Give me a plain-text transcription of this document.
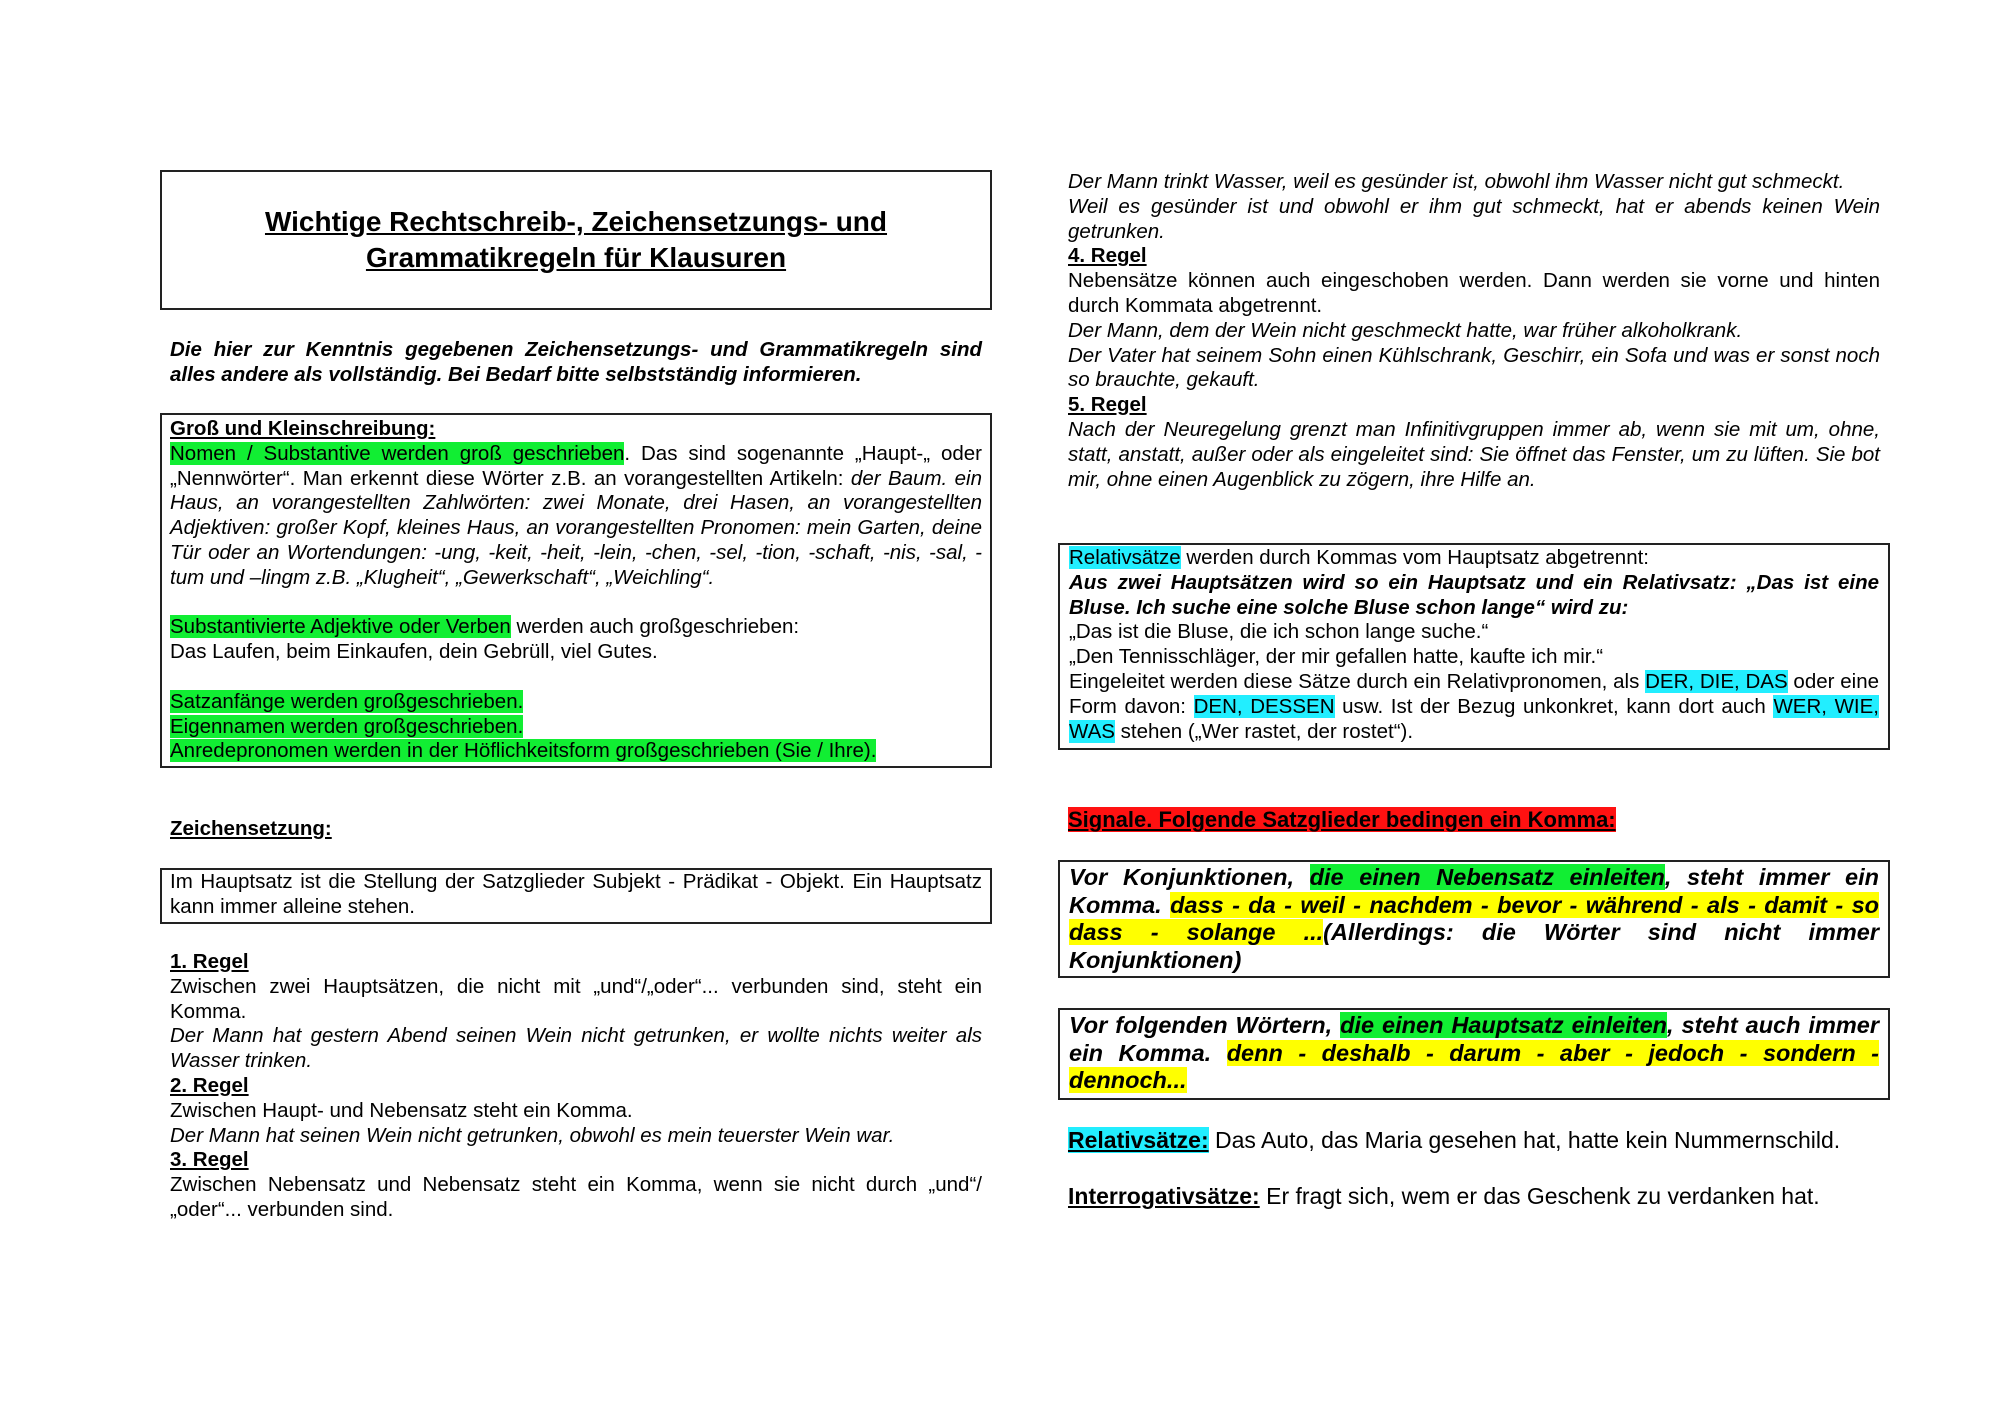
Wichtige Rechtschreib-, Zeichensetzungs- und

Grammatikregeln für Klausuren

Die hier zur Kenntnis gegebenen Zeichensetzungs- und Grammatikregeln sind alles andere als vollständig. Bei Bedarf bitte selbstständig informieren.

Groß und Kleinschreibung:

Nomen / Substantive werden groß geschrieben. Das sind sogenannte „Haupt-„ oder „Nennwörter“. Man erkennt diese Wörter z.B. an vorangestellten Artikeln: der Baum. ein Haus, an vorangestellten Zahlwörten: zwei Monate, drei Hasen, an vorangestellten Adjektiven: großer Kopf, kleines Haus, an vorangestellten Pronomen: mein Garten, deine Tür oder an Wortendungen: -ung, -keit, -heit, -lein, -chen, -sel, -tion, -schaft, -nis, -sal, -tum und –lingm z.B. „Klugheit“, „Gewerkschaft“, „Weichling“.

Substantivierte Adjektive oder Verben werden auch großgeschrieben:

Das Laufen, beim Einkaufen, dein Gebrüll, viel Gutes.

Satzanfänge werden großgeschrieben.

Eigennamen werden großgeschrieben.

Anredepronomen werden in der Höflichkeitsform großgeschrieben (Sie / Ihre).

Zeichensetzung:

Im Hauptsatz ist die Stellung der Satzglieder Subjekt - Prädikat - Objekt. Ein Hauptsatz kann immer alleine stehen.

1. Regel

Zwischen zwei Hauptsätzen, die nicht mit „und“/„oder“... verbunden sind, steht ein Komma.

Der Mann hat gestern Abend seinen Wein nicht getrunken, er wollte nichts weiter als Wasser trinken.

2. Regel

Zwischen Haupt- und Nebensatz steht ein Komma.

Der Mann hat seinen Wein nicht getrunken, obwohl es mein teuerster Wein war.

3. Regel

Zwischen Nebensatz und Nebensatz steht ein Komma, wenn sie nicht durch „und“/„oder“... verbunden sind.

Der Mann trinkt Wasser, weil es gesünder ist, obwohl ihm Wasser nicht gut schmeckt.

Weil es gesünder ist und obwohl er ihm gut schmeckt, hat er abends keinen Wein getrunken.

4. Regel

Nebensätze können auch eingeschoben werden. Dann werden sie vorne und hinten durch Kommata abgetrennt.

Der Mann, dem der Wein nicht geschmeckt hatte, war früher alkoholkrank.

Der Vater hat seinem Sohn einen Kühlschrank, Geschirr, ein Sofa und was er sonst noch so brauchte, gekauft.

5. Regel

Nach der Neuregelung grenzt man Infinitivgruppen immer ab, wenn sie mit um, ohne, statt, anstatt, außer oder als eingeleitet sind: Sie öffnet das Fenster, um zu lüften. Sie bot mir, ohne einen Augenblick zu zögern, ihre Hilfe an.

Relativsätze werden durch Kommas vom Hauptsatz abgetrennt:

Aus zwei Hauptsätzen wird so ein Hauptsatz und ein Relativsatz: „Das ist eine Bluse. Ich suche eine solche Bluse schon lange“ wird zu:

„Das ist die Bluse, die ich schon lange suche.“

„Den Tennisschläger, der mir gefallen hatte, kaufte ich mir.“

Eingeleitet werden diese Sätze durch ein Relativpronomen, als DER, DIE, DAS oder eine Form davon: DEN, DESSEN usw. Ist der Bezug unkonkret, kann dort auch WER, WIE, WAS stehen („Wer rastet, der rostet“).

Signale. Folgende Satzglieder bedingen ein Komma:

Vor Konjunktionen, die einen Nebensatz einleiten, steht immer ein Komma. dass - da - weil - nachdem - bevor - während - als - damit - so dass - solange ...(Allerdings: die Wörter sind nicht immer Konjunktionen)

Vor folgenden Wörtern, die einen Hauptsatz einleiten, steht auch immer ein Komma. denn - deshalb - darum - aber - jedoch - sondern - dennoch...

Relativsätze: Das Auto, das Maria gesehen hat, hatte kein Nummernschild.

Interrogativsätze: Er fragt sich, wem er das Geschenk zu verdanken hat.
